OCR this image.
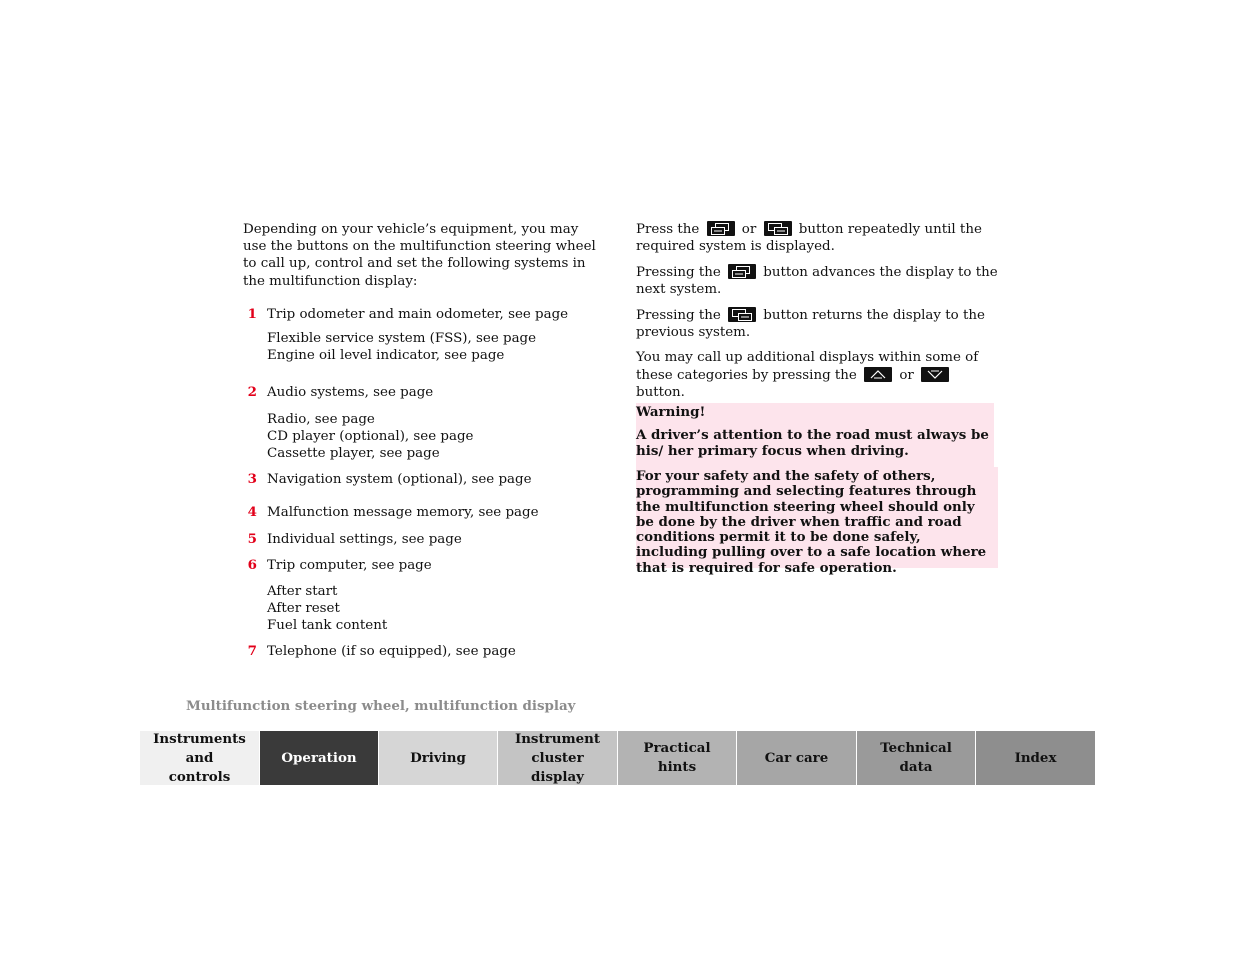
Depending on your vehicle’s equipment, you may use the buttons on the multifunction steering wheel to call up, control and set the following systems in the multifunction display:

1 Trip odometer and main odometer, see page

Flexible service system (FSS), see page

Engine oil level indicator, see page

2 Audio systems, see page

Radio, see page

CD player (optional), see page

Cassette player, see page

3 Navigation system (optional), see page

4 Malfunction message memory, see page

5 Individual settings, see page

6 Trip computer, see page

After start

After reset

Fuel tank content

7 Telephone (if so equipped), see page

Press the	or	button repeatedly until the required system is displayed.

Pressing the	button advances the display to the next system.

Pressing the	button returns the display to the previous system.

You may call up additional displays within some of these categories by pressing the	or
button.

Warning!

A driver’s attention to the road must always be his/ her primary focus when driving.

For your safety and the safety of others, programming and selecting features through the multifunction steering wheel should only be done by the driver when traffic and road conditions permit it to be done safely, including pulling over to a safe location where that is required for safe operation.

Multifunction steering wheel, multifunction display
Instruments and controls
Operation	Driving
Instrument cluster display
Practical hints
Car care
Technical data
Index
